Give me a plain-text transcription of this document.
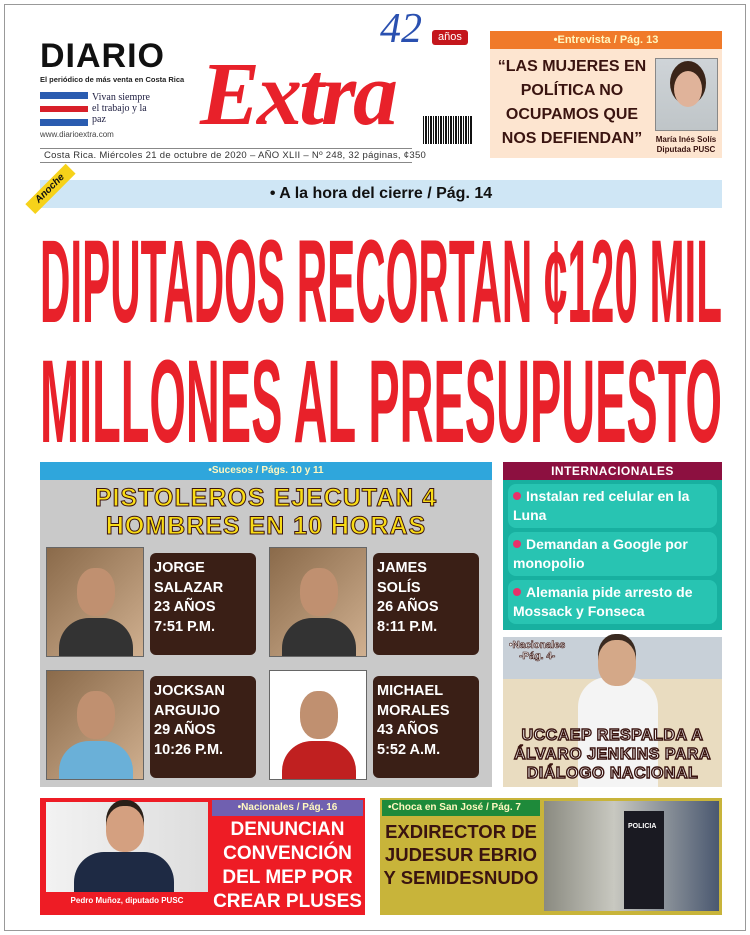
DIARIO
El periódico de más venta en Costa Rica
Vivan siempre el trabajo y la paz
www.diarioextra.com Extra
42	años
Costa Rica. Miércoles 21 de octubre de 2020 – AÑO XLII – Nº 248, 32 páginas, ¢350
•Entrevista / Pág. 13
“LAS MUJERES EN POLÍTICA NO OCUPAMOS QUE NOS DEFIENDAN”	María Inés Solís
Diputada PUSC
• A la hora del cierre / Pág. 14
Anoche
DIPUTADOS RECORTAN ¢120 MIL
MILLONES AL PRESUPUESTO
•Sucesos / Págs. 10 y 11
PISTOLEROS EJECUTAN 4
HOMBRES EN 10 HORAS
JORGE
SALAZAR
23 AÑOS
7:51 P.M.
JAMES
SOLÍS
26 AÑOS
8:11 P.M.
JOCKSAN
ARGUIJO
29 AÑOS
10:26 P.M.
MICHAEL
MORALES
43 AÑOS
5:52 A.M.
INTERNACIONALES
Instalan red celular en la Luna
Demandan a Google por monopolio
Alemania pide arresto de Mossack y Fonseca
•Nacionales
-Pág. 4-
UCCAEP RESPALDA A ÁLVARO JENKINS PARA DIÁLOGO NACIONAL
Pedro Muñoz, diputado PUSC
•Nacionales / Pág. 16
DENUNCIAN CONVENCIÓN DEL MEP POR CREAR PLUSES
•Choca en San José / Pág. 7
EXDIRECTOR DE JUDESUR EBRIO Y SEMIDESNUDO
POLICIA
